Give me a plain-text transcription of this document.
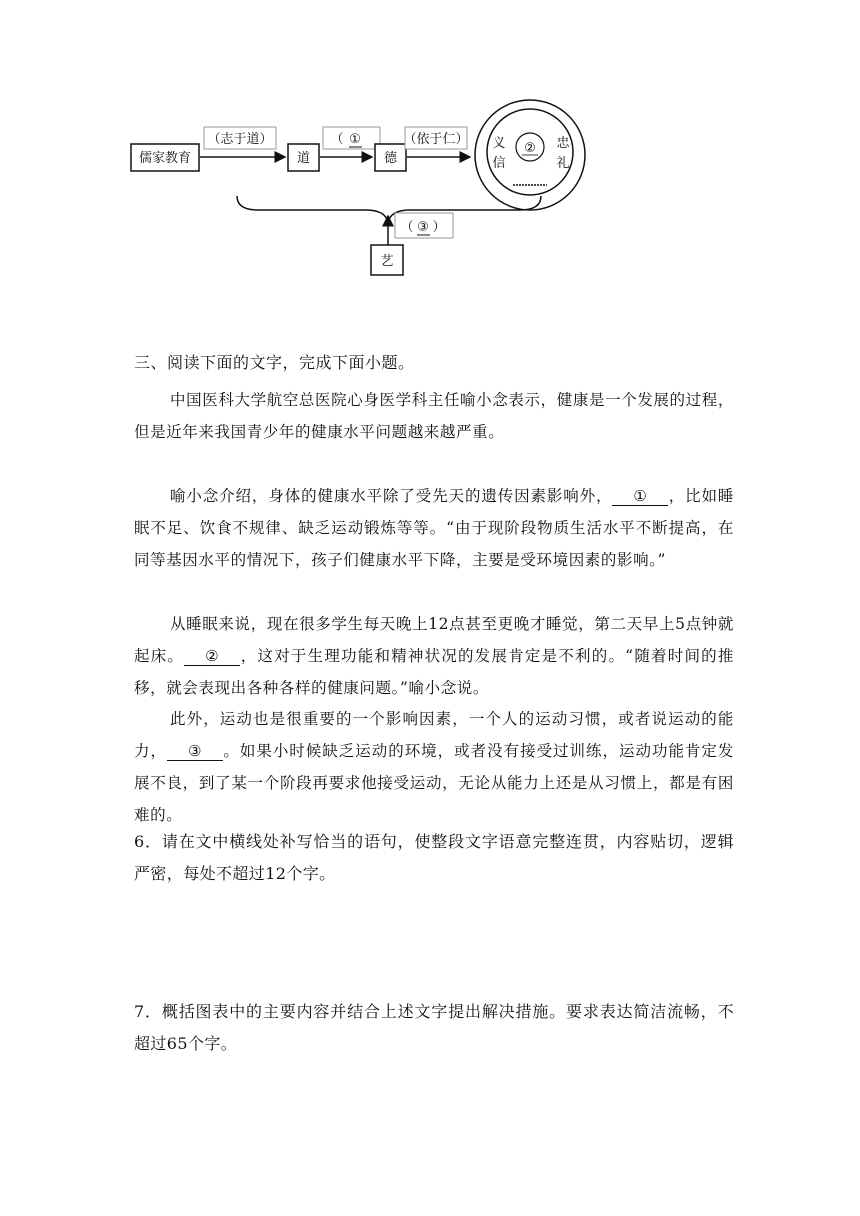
儒家教育
（志于道）
道
（ ①
德
（依于仁）
②
义
信
忠
礼
（ ③ ）
艺
三、阅读下面的文字，完成下面小题。
中国医科大学航空总医院心身医学科主任喻小念表示，健康是一个发展的过程，但是近年来我国青少年的健康水平问题越来越严重。
喻小念介绍，身体的健康水平除了受先天的遗传因素影响外， ① ，比如睡眠不足、饮食不规律、缺乏运动锻炼等等。“由于现阶段物质生活水平不断提高，在同等基因水平的情况下，孩子们健康水平下降，主要是受环境因素的影响。”
从睡眠来说，现在很多学生每天晚上12点甚至更晚才睡觉，第二天早上5点钟就起床。 ② ，这对于生理功能和精神状况的发展肯定是不利的。“随着时间的推移，就会表现出各种各样的健康问题。”喻小念说。
此外，运动也是很重要的一个影响因素，一个人的运动习惯，或者说运动的能力， ③ 。如果小时候缺乏运动的环境，或者没有接受过训练，运动功能肯定发展不良，到了某一个阶段再要求他接受运动，无论从能力上还是从习惯上，都是有困难的。
6．请在文中横线处补写恰当的语句，使整段文字语意完整连贯，内容贴切，逻辑严密，每处不超过12个字。
7．概括图表中的主要内容并结合上述文字提出解决措施。要求表达简洁流畅，不超过65个字。
